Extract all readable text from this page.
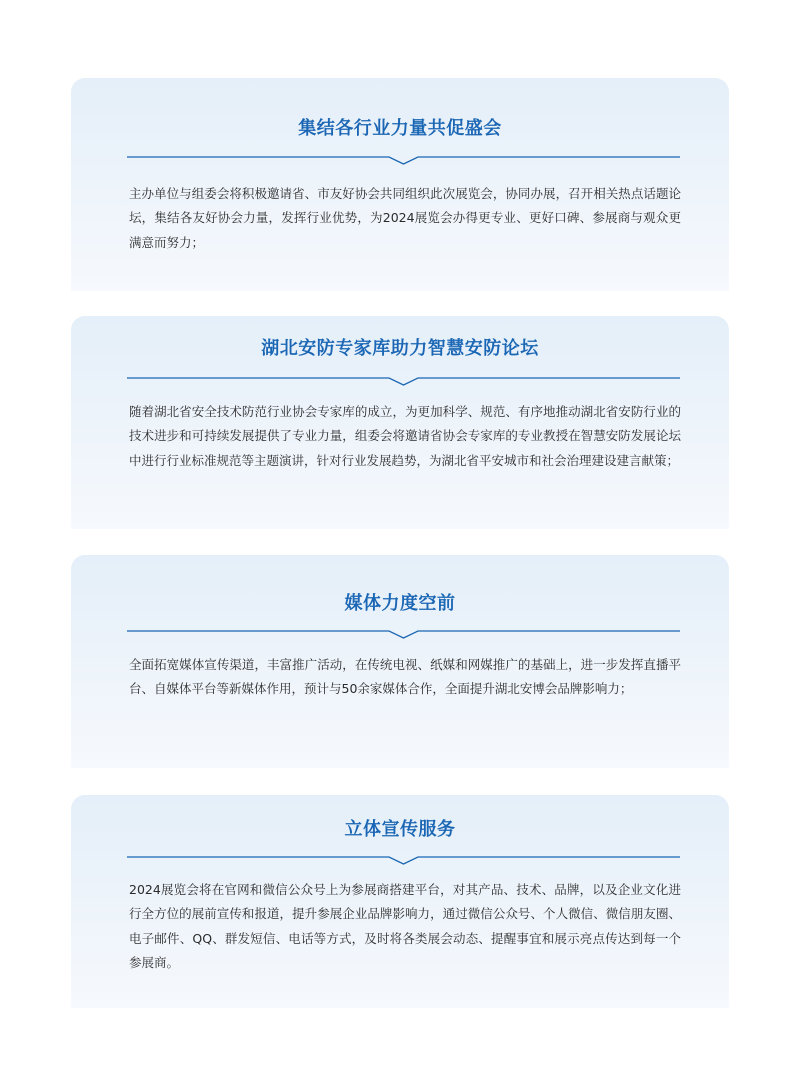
集结各行业力量共促盛会

主办单位与组委会将积极邀请省、市友好协会共同组织此次展览会，协同办展，召开相关热点话题论坛，集结各友好协会力量，发挥行业优势，为2024展览会办得更专业、更好口碑、参展商与观众更满意而努力；

湖北安防专家库助力智慧安防论坛

随着湖北省安全技术防范行业协会专家库的成立，为更加科学、规范、有序地推动湖北省安防行业的技术进步和可持续发展提供了专业力量，组委会将邀请省协会专家库的专业教授在智慧安防发展论坛中进行行业标准规范等主题演讲，针对行业发展趋势，为湖北省平安城市和社会治理建设建言献策；

媒体力度空前

全面拓宽媒体宣传渠道，丰富推广活动，在传统电视、纸媒和网媒推广的基础上，进一步发挥直播平台、自媒体平台等新媒体作用，预计与50余家媒体合作，全面提升湖北安博会品牌影响力；

立体宣传服务

2024展览会将在官网和微信公众号上为参展商搭建平台，对其产品、技术、品牌，以及企业文化进行全方位的展前宣传和报道，提升参展企业品牌影响力，通过微信公众号、个人微信、微信朋友圈、电子邮件、QQ、群发短信、电话等方式，及时将各类展会动态、提醒事宜和展示亮点传达到每一个参展商。
